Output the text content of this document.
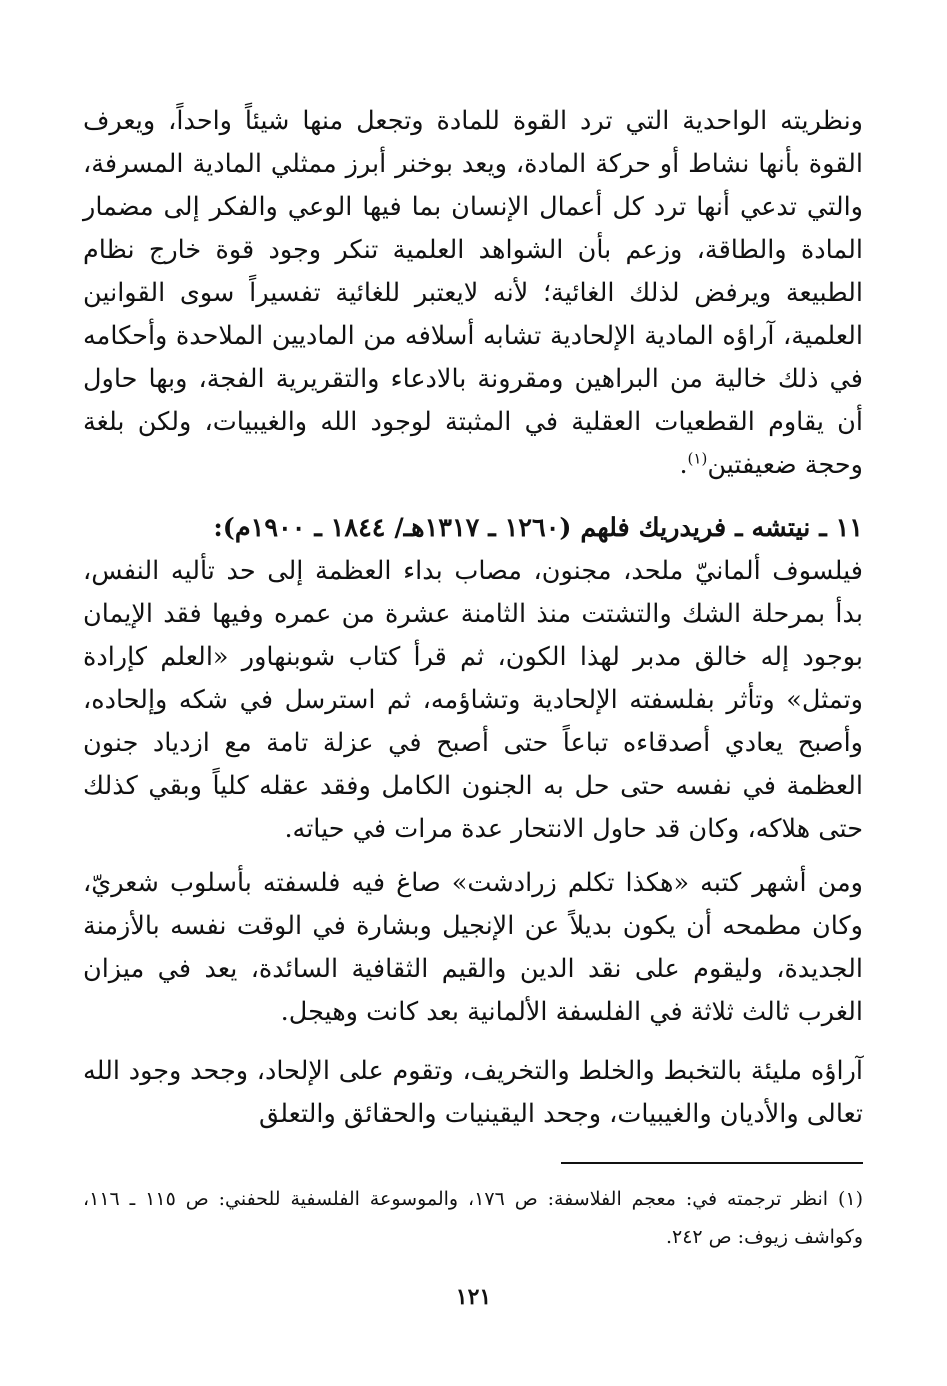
ونظريته الواحدية التي ترد القوة للمادة وتجعل منها شيئاً واحداً، ويعرف القوة بأنها نشاط أو حركة المادة، ويعد بوخنر أبرز ممثلي المادية المسرفة، والتي تدعي أنها ترد كل أعمال الإنسان بما فيها الوعي والفكر إلى مضمار المادة والطاقة، وزعم بأن الشواهد العلمية تنكر وجود قوة خارج نظام الطبيعة ويرفض لذلك الغائية؛ لأنه لايعتبر للغائية تفسيراً سوى القوانين العلمية، آراؤه المادية الإلحادية تشابه أسلافه من الماديين الملاحدة وأحكامه في ذلك خالية من البراهين ومقرونة بالادعاء والتقريرية الفجة، وبها حاول أن يقاوم القطعيات العقلية في المثبتة لوجود الله والغيبيات، ولكن بلغة وحجة ضعيفتين$^{(١)}$.

١١ ـ نيتشه ـ فريدريك فلهم (١٢٦٠ ـ ١٣١٧هـ/ ١٨٤٤ ـ ١٩٠٠م):

فيلسوف ألمانيّ ملحد، مجنون، مصاب بداء العظمة إلى حد تأليه النفس، بدأ بمرحلة الشك والتشتت منذ الثامنة عشرة من عمره وفيها فقد الإيمان بوجود إله خالق مدبر لهذا الكون، ثم قرأ كتاب شوبنهاور «العلم كإرادة وتمثل» وتأثر بفلسفته الإلحادية وتشاؤمه، ثم استرسل في شكه وإلحاده، وأصبح يعادي أصدقاءه تباعاً حتى أصبح في عزلة تامة مع ازدياد جنون العظمة في نفسه حتى حل به الجنون الكامل وفقد عقله كلياً وبقي كذلك حتى هلاكه، وكان قد حاول الانتحار عدة مرات في حياته.

ومن أشهر كتبه «هكذا تكلم زرادشت» صاغ فيه فلسفته بأسلوب شعريّ، وكان مطمحه أن يكون بديلاً عن الإنجيل وبشارة في الوقت نفسه بالأزمنة الجديدة، وليقوم على نقد الدين والقيم الثقافية السائدة، يعد في ميزان الغرب ثالث ثلاثة في الفلسفة الألمانية بعد كانت وهيجل.

آراؤه مليئة بالتخبط والخلط والتخريف، وتقوم على الإلحاد، وجحد وجود الله تعالى والأديان والغيبيات، وجحد اليقينيات والحقائق والتعلق

(١) انظر ترجمته في: معجم الفلاسفة: ص ١٧٦، والموسوعة الفلسفية للحفني: ص ١١٥ ـ ١١٦، وكواشف زيوف: ص ٢٤٢.

١٢١
